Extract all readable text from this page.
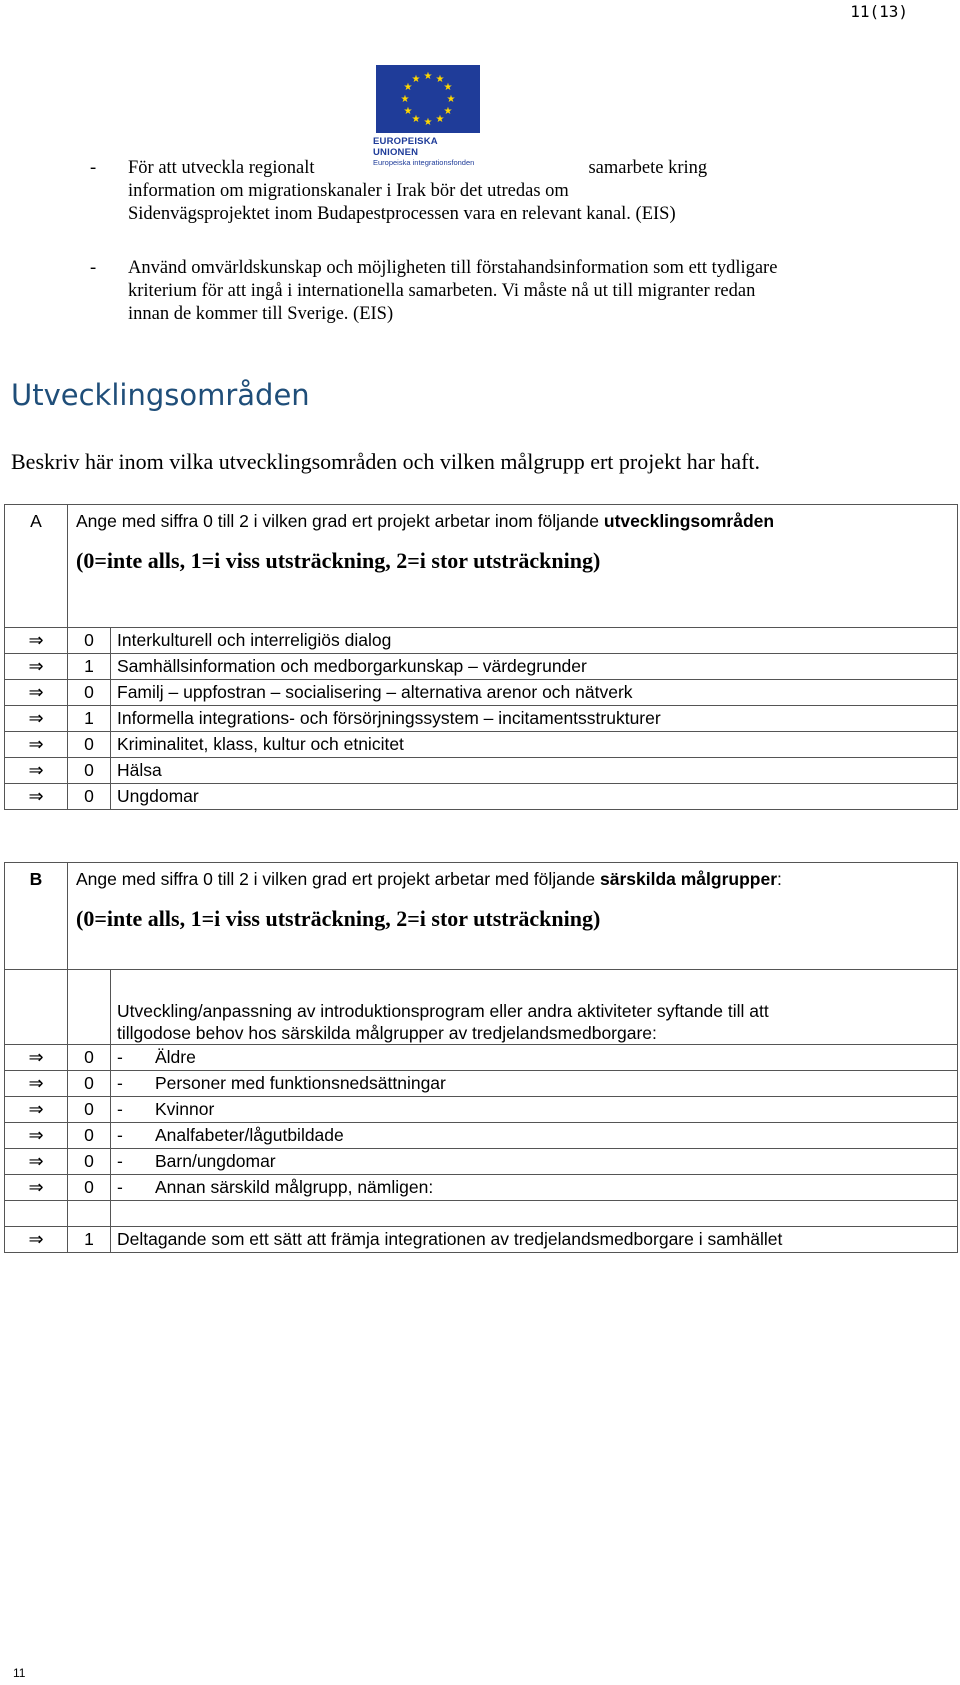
11(13)
★ ★
★
★
★
★
★
★
★
★
★
★
EUROPEISKA UNIONEN
Europeiska integrationsfonden
- För att utveckla regionalt	samarbete kring
information om migrationskanaler i Irak bör det utredas om
Sidenvägsprojektet inom Budapestprocessen vara en relevant kanal. (EIS)
- Använd omvärldskunskap och möjligheten till förstahandsinformation som ett tydligare
kriterium för att ingå i internationella samarbeten. Vi måste nå ut till migranter redan
innan de kommer till Sverige. (EIS)
Utvecklingsområden
Beskriv här inom vilka utvecklingsområden och vilken målgrupp ert projekt har haft.
A	Ange med siffra 0 till 2 i vilken grad ert projekt arbetar inom följande utvecklingsområden
(0=inte alls, 1=i viss utsträckning, 2=i stor utsträckning)	

⇒	0	Interkulturell och interreligiös dialog
⇒	1	Samhällsinformation och medborgarkunskap – värdegrunder
⇒	0	Familj – uppfostran – socialisering – alternativa arenor och nätverk
⇒	1	Informella integrations- och försörjningssystem – incitamentsstrukturer
⇒	0	Kriminalitet, klass, kultur och etnicitet
⇒	0	Hälsa
⇒	0	Ungdomar
B	Ange med siffra 0 till 2 i vilken grad ert projekt arbetar med följande särskilda målgrupper:
(0=inte alls, 1=i viss utsträckning, 2=i stor utsträckning)	

		Utveckling/anpassning av introduktionsprogram eller andra aktiviteter syftande till att
tillgodose behov hos särskilda målgrupper av tredjelandsmedborgare:

⇒	0	- Äldre
⇒	0	- Personer med funktionsnedsättningar
⇒	0	- Kvinnor
⇒	0	- Analfabeter/lågutbildade
⇒	0	- Barn/ungdomar
⇒	0	- Annan särskild målgrupp, nämligen:

⇒	1	Deltagande som ett sätt att främja integrationen av tredjelandsmedborgare i samhället
11
